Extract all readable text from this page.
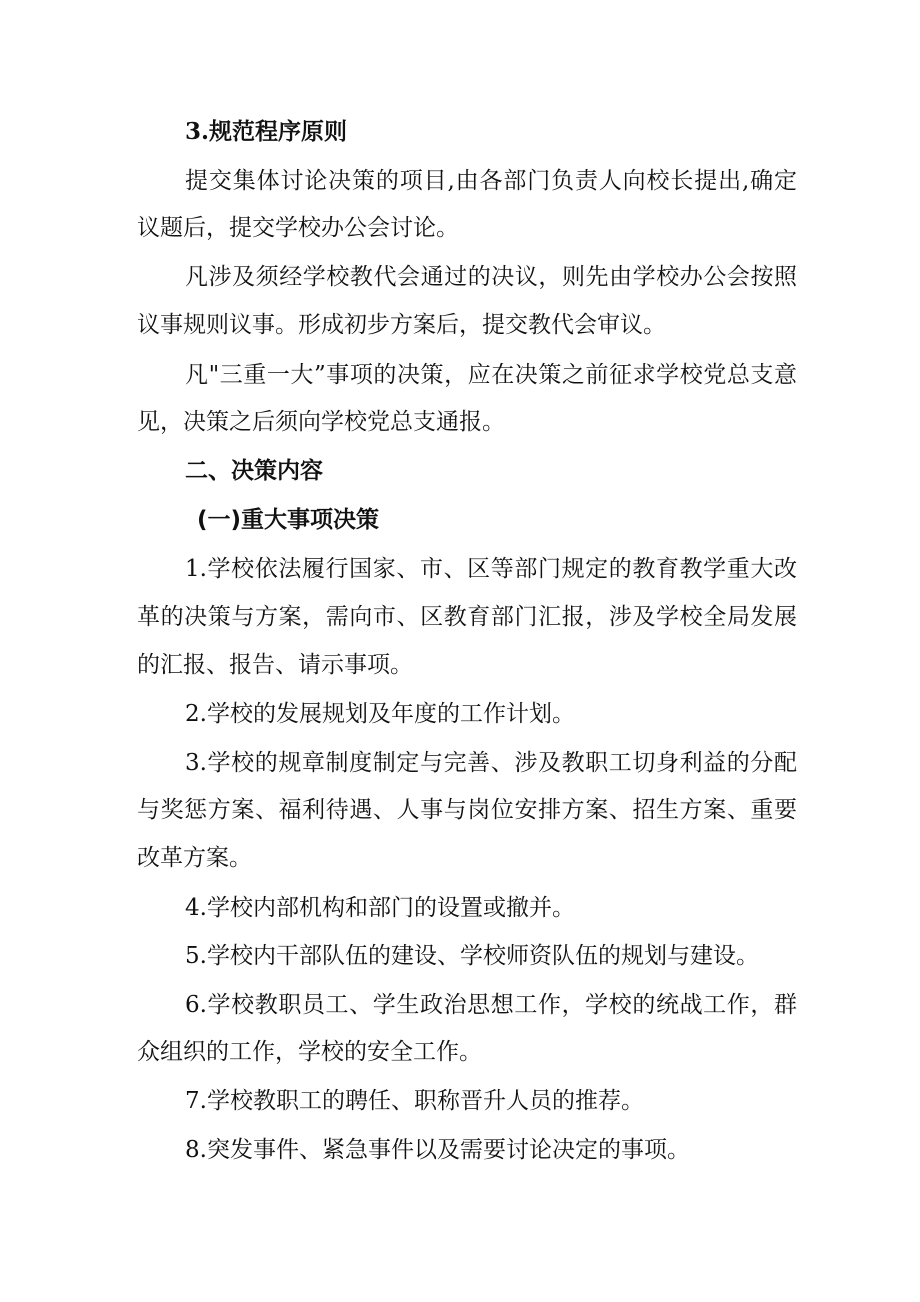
3.规范程序原则
提交集体讨论决策的项目,由各部门负责人向校长提出,确定
议题后，提交学校办公会讨论。
凡涉及须经学校教代会通过的决议，则先由学校办公会按照
议事规则议事。形成初步方案后，提交教代会审议。
凡"三重一大”事项的决策，应在决策之前征求学校党总支意
见，决策之后须向学校党总支通报。
二、决策内容
(一)重大事项决策
1.学校依法履行国家、市、区等部门规定的教育教学重大改
革的决策与方案，需向市、区教育部门汇报，涉及学校全局发展
的汇报、报告、请示事项。
2.学校的发展规划及年度的工作计划。
3.学校的规章制度制定与完善、涉及教职工切身利益的分配
与奖惩方案、福利待遇、人事与岗位安排方案、招生方案、重要
改革方案。
4.学校内部机构和部门的设置或撤并。
5.学校内干部队伍的建设、学校师资队伍的规划与建设。
6.学校教职员工、学生政治思想工作，学校的统战工作，群
众组织的工作，学校的安全工作。
7.学校教职工的聘任、职称晋升人员的推荐。
8.突发事件、紧急事件以及需要讨论决定的事项。
